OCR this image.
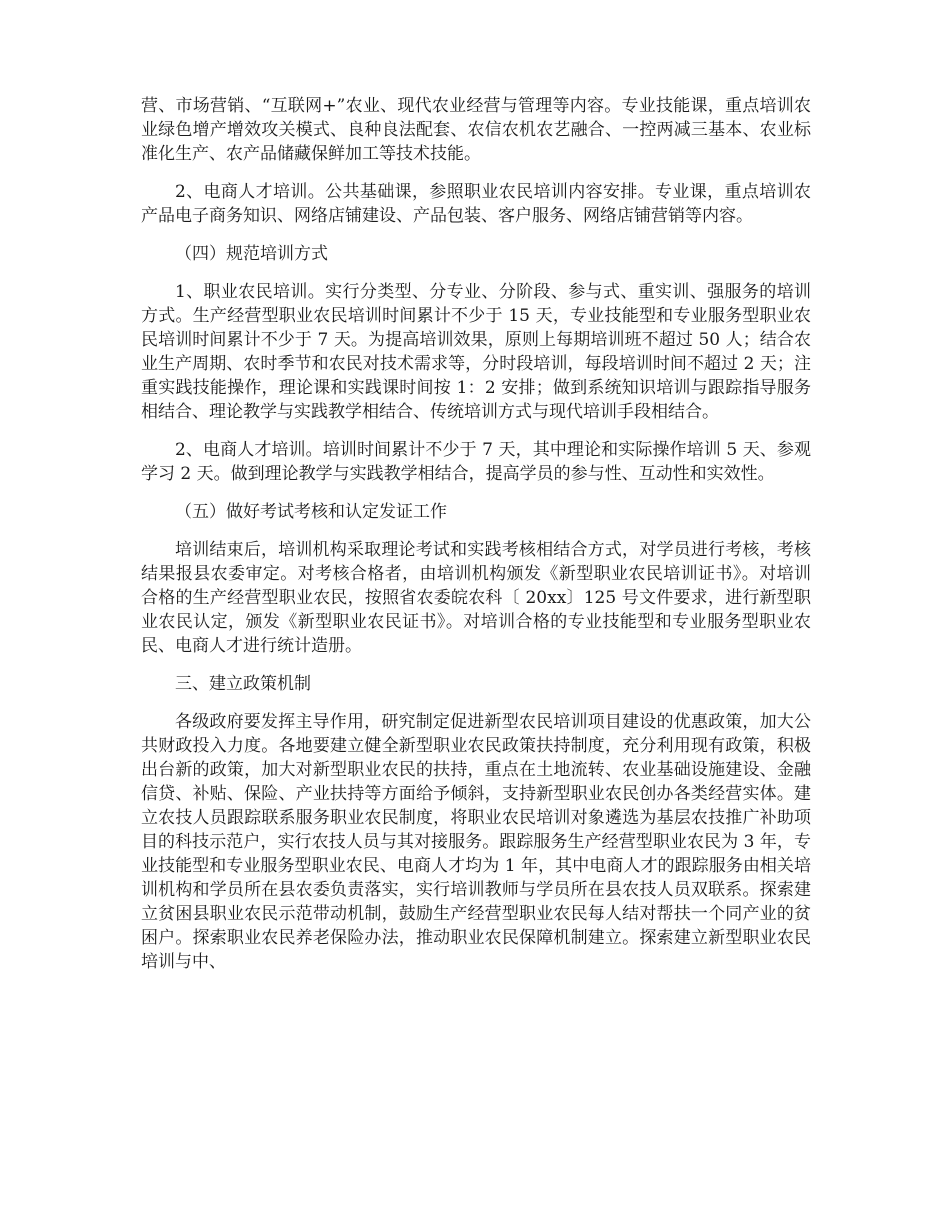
营、市场营销、“互联网+”农业、现代农业经营与管理等内容。专业技能课，重点培训农业绿色增产增效攻关模式、良种良法配套、农信农机农艺融合、一控两减三基本、农业标准化生产、农产品储藏保鲜加工等技术技能。

2、电商人才培训。公共基础课，参照职业农民培训内容安排。专业课，重点培训农产品电子商务知识、网络店铺建设、产品包装、客户服务、网络店铺营销等内容。

（四）规范培训方式

1、职业农民培训。实行分类型、分专业、分阶段、参与式、重实训、强服务的培训方式。生产经营型职业农民培训时间累计不少于 15 天，专业技能型和专业服务型职业农民培训时间累计不少于 7 天。为提高培训效果，原则上每期培训班不超过 50 人；结合农业生产周期、农时季节和农民对技术需求等，分时段培训，每段培训时间不超过 2 天；注重实践技能操作，理论课和实践课时间按 1：2 安排；做到系统知识培训与跟踪指导服务相结合、理论教学与实践教学相结合、传统培训方式与现代培训手段相结合。

2、电商人才培训。培训时间累计不少于 7 天，其中理论和实际操作培训 5 天、参观学习 2 天。做到理论教学与实践教学相结合，提高学员的参与性、互动性和实效性。

（五）做好考试考核和认定发证工作

培训结束后，培训机构采取理论考试和实践考核相结合方式，对学员进行考核，考核结果报县农委审定。对考核合格者，由培训机构颁发《新型职业农民培训证书》。对培训合格的生产经营型职业农民，按照省农委皖农科〔 20xx〕125 号文件要求，进行新型职业农民认定，颁发《新型职业农民证书》。对培训合格的专业技能型和专业服务型职业农民、电商人才进行统计造册。

三、建立政策机制

各级政府要发挥主导作用，研究制定促进新型农民培训项目建设的优惠政策，加大公共财政投入力度。各地要建立健全新型职业农民政策扶持制度，充分利用现有政策，积极出台新的政策，加大对新型职业农民的扶持，重点在土地流转、农业基础设施建设、金融信贷、补贴、保险、产业扶持等方面给予倾斜，支持新型职业农民创办各类经营实体。建立农技人员跟踪联系服务职业农民制度，将职业农民培训对象遴选为基层农技推广补助项目的科技示范户，实行农技人员与其对接服务。跟踪服务生产经营型职业农民为 3 年，专业技能型和专业服务型职业农民、电商人才均为 1 年，其中电商人才的跟踪服务由相关培训机构和学员所在县农委负责落实，实行培训教师与学员所在县农技人员双联系。探索建立贫困县职业农民示范带动机制，鼓励生产经营型职业农民每人结对帮扶一个同产业的贫困户。探索职业农民养老保险办法，推动职业农民保障机制建立。探索建立新型职业农民培训与中、
